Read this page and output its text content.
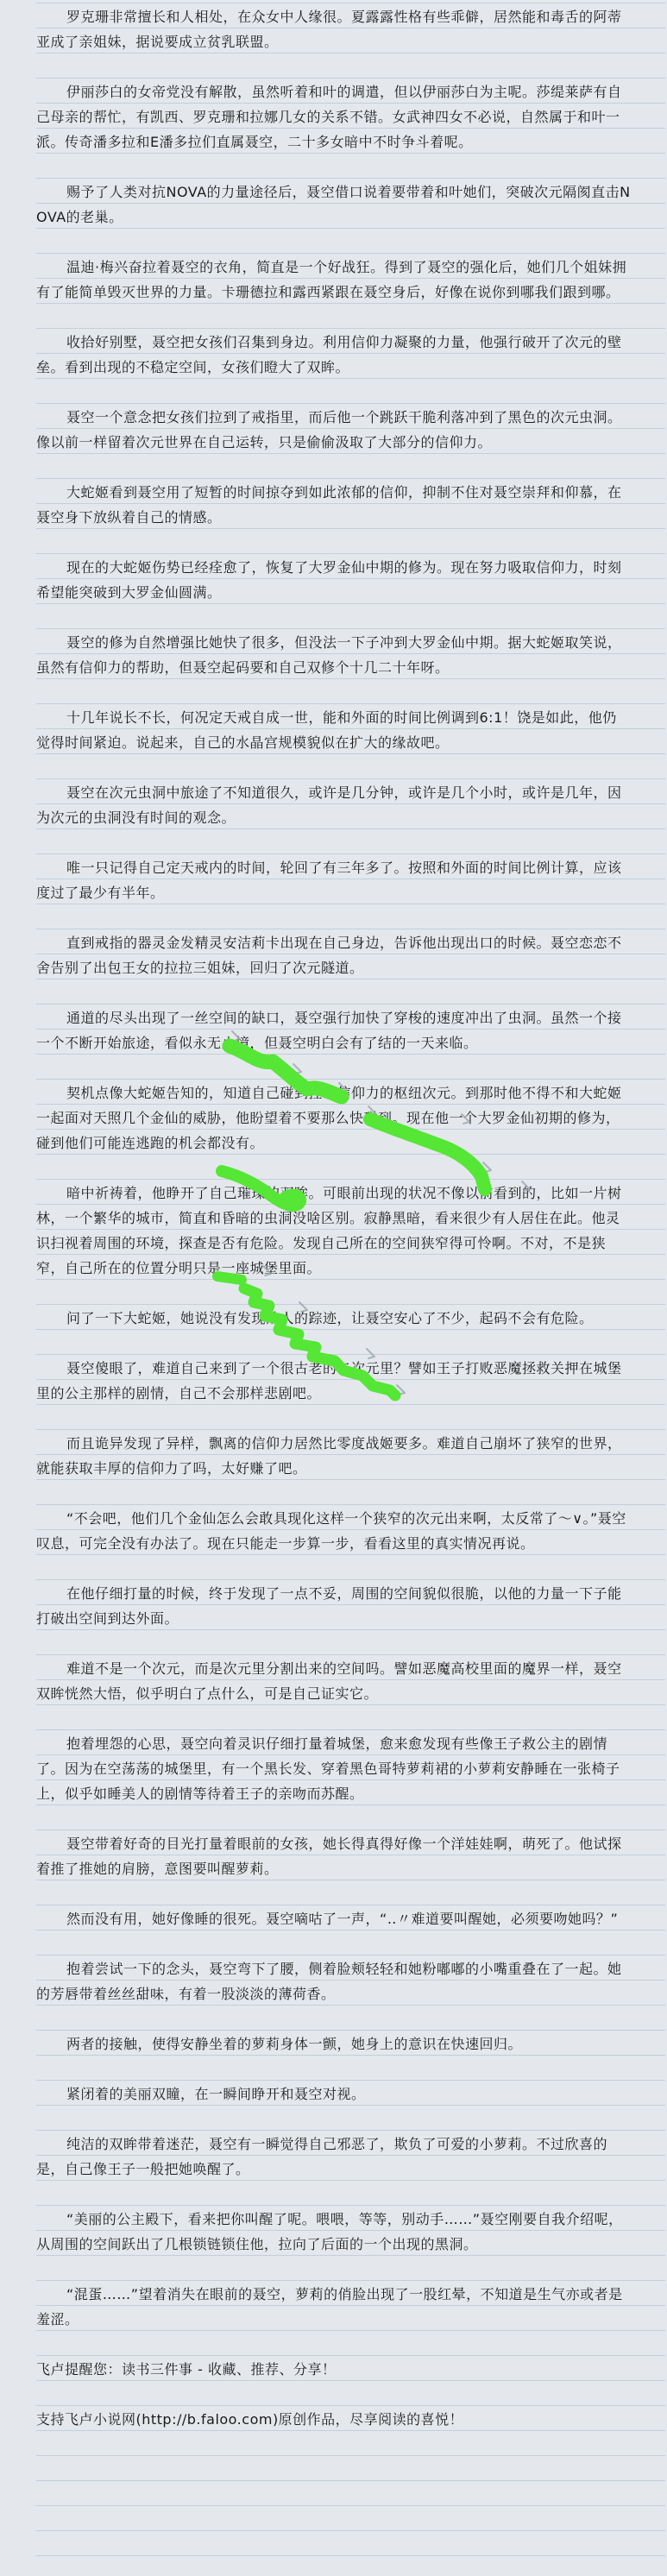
罗克珊非常擅长和人相处，在众女中人缘很。夏露露性格有些乖僻，居然能和毒舌的阿蒂亚成了亲姐妹，据说要成立贫乳联盟。

伊丽莎白的女帝党没有解散，虽然听着和叶的调遣，但以伊丽莎白为主呢。莎缇莱萨有自己母亲的帮忙，有凯西、罗克珊和拉娜几女的关系不错。女武神四女不必说，自然属于和叶一派。传奇潘多拉和E潘多拉们直属聂空，二十多女暗中不时争斗着呢。

赐予了人类对抗NOVA的力量途径后，聂空借口说着要带着和叶她们，突破次元隔阂直击NOVA的老巢。

温迪·梅兴奋拉着聂空的衣角，简直是一个好战狂。得到了聂空的强化后，她们几个姐妹拥有了能简单毁灭世界的力量。卡珊德拉和露西紧跟在聂空身后，好像在说你到哪我们跟到哪。

收拾好别墅，聂空把女孩们召集到身边。利用信仰力凝聚的力量，他强行破开了次元的壁垒。看到出现的不稳定空间，女孩们瞪大了双眸。

聂空一个意念把女孩们拉到了戒指里，而后他一个跳跃干脆利落冲到了黑色的次元虫洞。像以前一样留着次元世界在自己运转，只是偷偷汲取了大部分的信仰力。

大蛇姬看到聂空用了短暂的时间掠夺到如此浓郁的信仰，抑制不住对聂空崇拜和仰慕，在聂空身下放纵着自己的情感。

现在的大蛇姬伤势已经痊愈了，恢复了大罗金仙中期的修为。现在努力吸取信仰力，时刻希望能突破到大罗金仙圆满。

聂空的修为自然增强比她快了很多，但没法一下子冲到大罗金仙中期。据大蛇姬取笑说，虽然有信仰力的帮助，但聂空起码要和自己双修个十几二十年呀。

十几年说长不长，何况定天戒自成一世，能和外面的时间比例调到6:1！饶是如此，他仍觉得时间紧迫。说起来，自己的水晶宫规模貌似在扩大的缘故吧。

聂空在次元虫洞中旅途了不知道很久，或许是几分钟，或许是几个小时，或许是几年，因为次元的虫洞没有时间的观念。

唯一只记得自己定天戒内的时间，轮回了有三年多了。按照和外面的时间比例计算，应该度过了最少有半年。

直到戒指的器灵金发精灵安洁莉卡出现在自己身边，告诉他出现出口的时候。聂空恋恋不舍告别了出包王女的拉拉三姐妹，回归了次元隧道。

通道的尽头出现了一丝空间的缺口，聂空强行加快了穿梭的速度冲出了虫洞。虽然一个接一个不断开始旅途，看似永无止境，但聂空明白会有了结的一天来临。

契机点像大蛇姬告知的，知道自己碰到控制信仰力的枢纽次元。到那时他不得不和大蛇姬一起面对天照几个金仙的威胁，他盼望着不要那么快碰到。现在他一个大罗金仙初期的修为，碰到他们可能连逃跑的机会都没有。

暗中祈祷着，他睁开了自己璀璨的双眸。可眼前出现的状况不像以前看到的，比如一片树林，一个繁华的城市，简直和昏暗的虫洞没啥区别。寂静黑暗，看来很少有人居住在此。他灵识扫视着周围的环境，探查是否有危险。发现自己所在的空间狭窄得可怜啊。不对，不是狭窄，自己所在的位置分明只是一座城堡里面。

问了一下大蛇姬，她说没有发现敌人的踪迹，让聂空安心了不少，起码不会有危险。

聂空傻眼了，难道自己来到了一个很古老的二次元里？譬如王子打败恶魔拯救关押在城堡里的公主那样的剧情，自己不会那样悲剧吧。

而且诡异发现了异样，飘离的信仰力居然比零度战姬要多。难道自己崩坏了狭窄的世界，就能获取丰厚的信仰力了吗，太好赚了吧。

“不会吧，他们几个金仙怎么会敢具现化这样一个狭窄的次元出来啊，太反常了～∨。”聂空叹息，可完全没有办法了。现在只能走一步算一步，看看这里的真实情况再说。

在他仔细打量的时候，终于发现了一点不妥，周围的空间貌似很脆，以他的力量一下子能打破出空间到达外面。

难道不是一个次元，而是次元里分割出来的空间吗。譬如恶魔高校里面的魔界一样，聂空双眸恍然大悟，似乎明白了点什么，可是自己证实它。

抱着埋怨的心思，聂空向着灵识仔细打量着城堡，愈来愈发现有些像王子救公主的剧情了。因为在空荡荡的城堡里，有一个黑长发、穿着黑色哥特萝莉裙的小萝莉安静睡在一张椅子上，似乎如睡美人的剧情等待着王子的亲吻而苏醒。

聂空带着好奇的目光打量着眼前的女孩，她长得真得好像一个洋娃娃啊，萌死了。他试探着推了推她的肩膀，意图要叫醒萝莉。

然而没有用，她好像睡的很死。聂空嘀咕了一声，“‥〃难道要叫醒她，必须要吻她吗？”

抱着尝试一下的念头，聂空弯下了腰，侧着脸颊轻轻和她粉嘟嘟的小嘴重叠在了一起。她的芳唇带着丝丝甜味，有着一股淡淡的薄荷香。

两者的接触，使得安静坐着的萝莉身体一颤，她身上的意识在快速回归。

紧闭着的美丽双瞳，在一瞬间睁开和聂空对视。

纯洁的双眸带着迷茫，聂空有一瞬觉得自己邪恶了，欺负了可爱的小萝莉。不过欣喜的是，自己像王子一般把她唤醒了。

“美丽的公主殿下，看来把你叫醒了呢。喂喂，等等，别动手……”聂空刚要自我介绍呢，从周围的空间跃出了几根锁链锁住他，拉向了后面的一个出现的黑洞。

“混蛋……”望着消失在眼前的聂空，萝莉的俏脸出现了一股红晕，不知道是生气亦或者是羞涩。

飞卢提醒您：读书三件事 - 收藏、推荐、分享！

支持飞卢小说网(http://b.faloo.com)原创作品，尽享阅读的喜悦！
